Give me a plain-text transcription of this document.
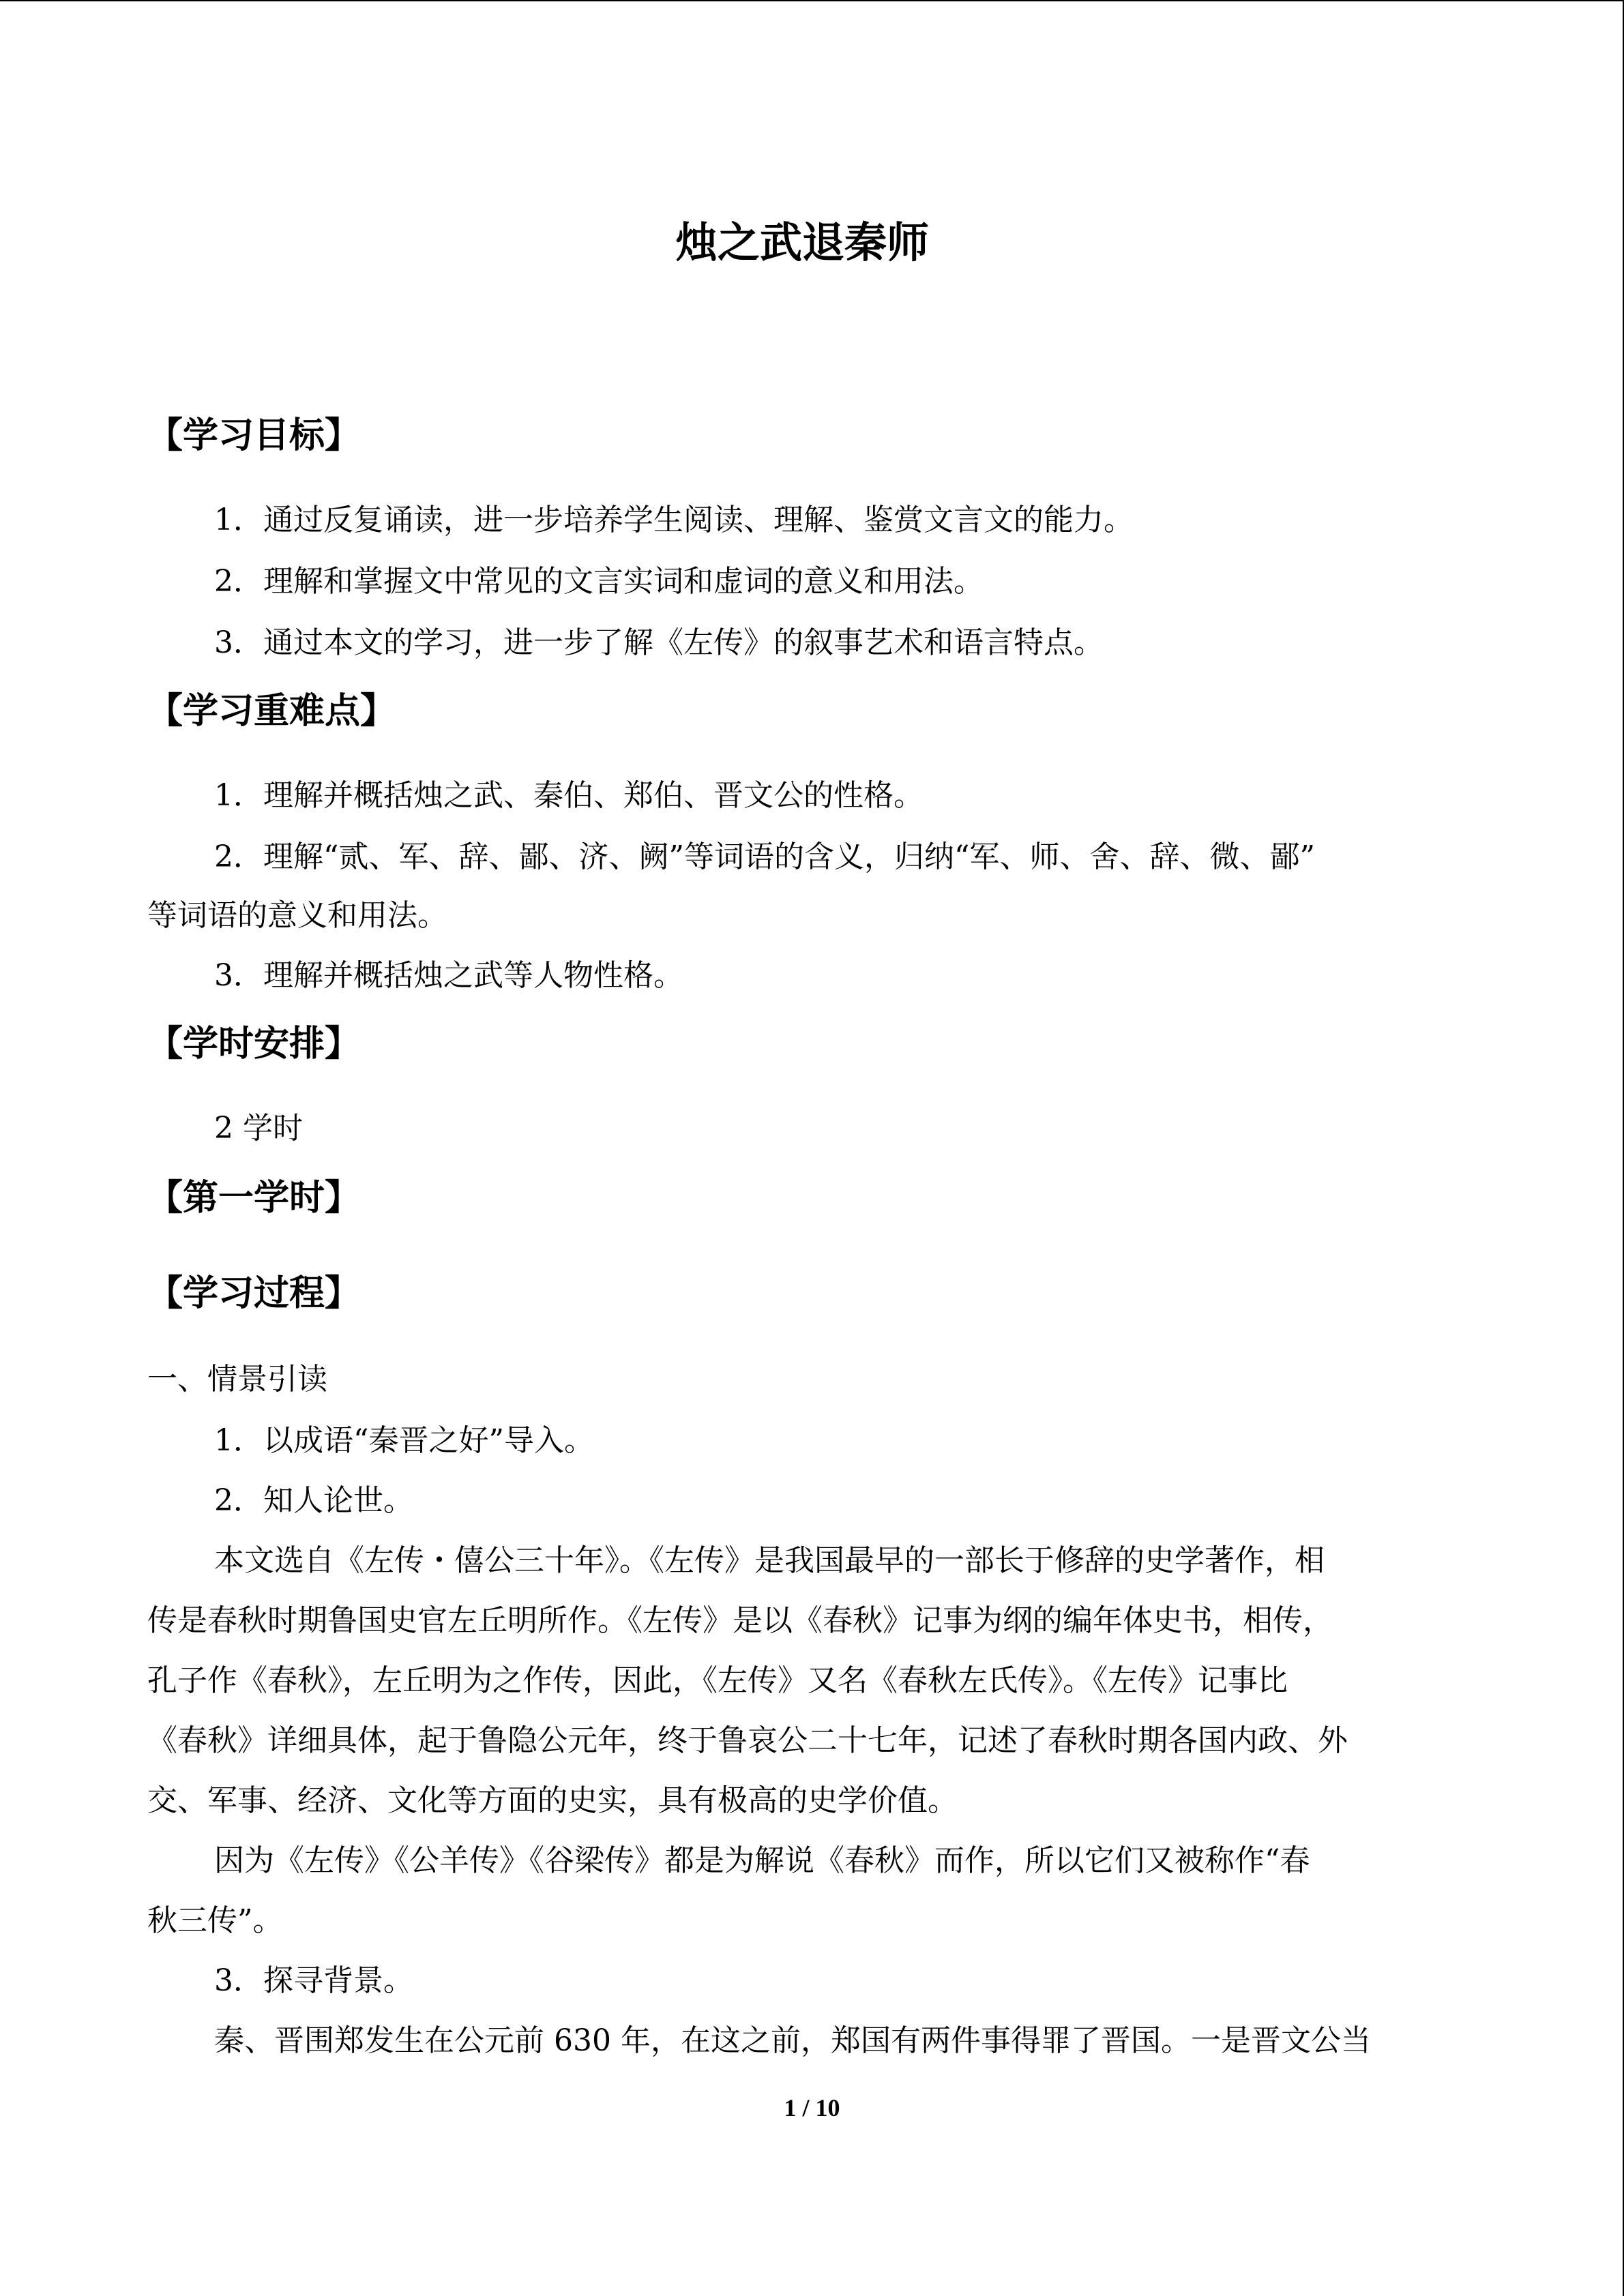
烛之武退秦师
【学习目标】
1．通过反复诵读，进一步培养学生阅读、理解、鉴赏文言文的能力。
2．理解和掌握文中常见的文言实词和虚词的意义和用法。
3．通过本文的学习，进一步了解《左传》的叙事艺术和语言特点。
【学习重难点】
1．理解并概括烛之武、秦伯、郑伯、晋文公的性格。
2．理解“贰、军、辞、鄙、济、阙”等词语的含义，归纳“军、师、舍、辞、微、鄙”
等词语的意义和用法。
3．理解并概括烛之武等人物性格。
【学时安排】
2 学时
【第一学时】
【学习过程】
一、情景引读
1．以成语“秦晋之好”导入。
2．知人论世。
本文选自《左传・僖公三十年》。《左传》是我国最早的一部长于修辞的史学著作，相
传是春秋时期鲁国史官左丘明所作。《左传》是以《春秋》记事为纲的编年体史书，相传，
孔子作《春秋》，左丘明为之作传，因此，《左传》又名《春秋左氏传》。《左传》记事比
《春秋》详细具体，起于鲁隐公元年，终于鲁哀公二十七年，记述了春秋时期各国内政、外
交、军事、经济、文化等方面的史实，具有极高的史学价值。
因为《左传》《公羊传》《谷梁传》都是为解说《春秋》而作，所以它们又被称作“春
秋三传”。
3．探寻背景。
秦、晋围郑发生在公元前 630 年，在这之前，郑国有两件事得罪了晋国。一是晋文公当
1 / 10
